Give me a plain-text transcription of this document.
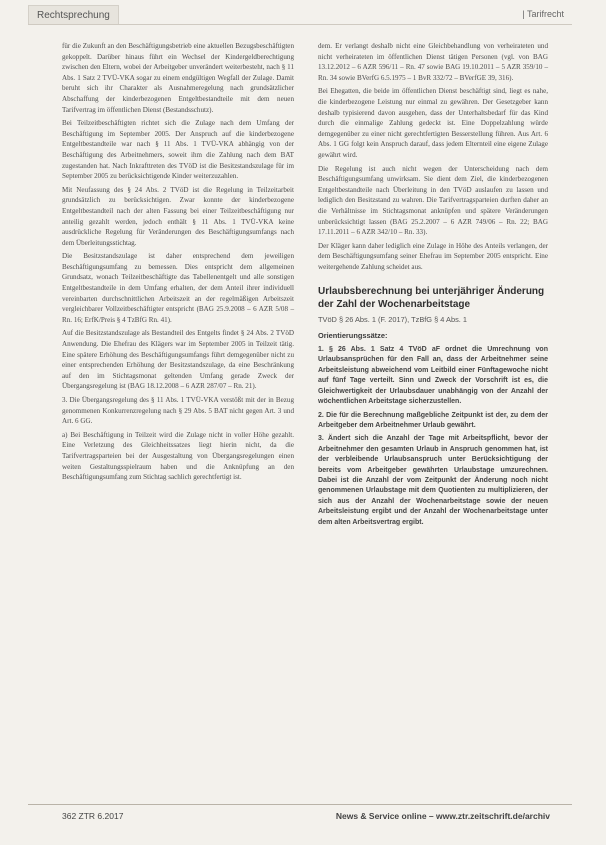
Rechtsprechung	| Tarifrecht

für die Zukunft an den Beschäftigungsbetrieb eine aktuellen Bezugsbeschäftigten gekoppelt. Darüber hinaus führt ein Wechsel der Kindergeldberechtigung zwischen den Eltern, wobei der Arbeitgeber unverändert weiterbesteht, nach § 11 Abs. 1 Satz 2 TVÜ-VKA sogar zu einem endgültigen Wegfall der Zulage. Damit beruht sich ihr Charakter als Ausnahmeregelung nach grundsätzlicher Abschaffung der kinderbezogenen Entgeltbestandteile mit dem neuen Tarifvertrag im öffentlichen Dienst (Bestandsschutz).

Bei Teilzeitbeschäftigten richtet sich die Zulage nach dem Umfang der Beschäftigung im September 2005. Der Anspruch auf die kinderbezogene Entgeltbestandteile war nach § 11 Abs. 1 TVÜ-VKA abhängig von der Beschäftigung des Arbeitnehmers, soweit ihm die Zahlung nach dem BAT zugestanden hat. Nach Inkrafttreten des TVöD ist die Besitzstandszulage für im September 2005 zu berücksichtigende Kinder weiterzuzahlen.

Mit Neufassung des § 24 Abs. 2 TVöD ist die Regelung in Teilzeitarbeit grundsätzlich zu berücksichtigen. Zwar konnte der kinderbezogene Entgeltbestandteil nach der alten Fassung bei einer Teilzeitbeschäftigung nur anteilig gezahlt werden, jedoch enthält § 11 Abs. 1 TVÜ-VKA keine ausdrückliche Regelung für Veränderungen des Beschäftigungsumfangs nach dem Überleitungsstichtag.

Die Besitzstandszulage ist daher entsprechend dem jeweiligen Beschäftigungsumfang zu bemessen. Dies entspricht dem allgemeinen Grundsatz, wonach Teilzeitbeschäftigte das Tabellenentgelt und alle sonstigen Entgeltbestandteile in dem Umfang erhalten, der dem Anteil ihrer individuell vereinbarten durchschnittlichen Arbeitszeit an der regelmäßigen Arbeitszeit vergleichbarer Vollzeitbeschäftigter entspricht (BAG 25.9.2008 – 6 AZR 5/08 – Rn. 16; ErfK/Preis § 4 TzBfG Rn. 41).

Auf die Besitzstandszulage als Bestandteil des Entgelts findet § 24 Abs. 2 TVöD Anwendung. Die Ehefrau des Klägers war im September 2005 in Teilzeit tätig. Eine spätere Erhöhung des Beschäftigungsumfangs führt demgegenüber nicht zu einer entsprechenden Erhöhung der Besitzstandszulage, da eine Beschränkung auf den im Stichtagsmonat geltenden Umfang gerade Zweck der Übergangsregelung ist (BAG 18.12.2008 – 6 AZR 287/07 – Rn. 21).

3. Die Übergangsregelung des § 11 Abs. 1 TVÜ-VKA verstößt mit der in Bezug genommenen Konkurrenzregelung nach § 29 Abs. 5 BAT nicht gegen Art. 3 und Art. 6 GG.

a) Bei Beschäftigung in Teilzeit wird die Zulage nicht in voller Höhe gezahlt. Eine Verletzung des Gleichheitssatzes liegt hierin nicht, da die Tarifvertragsparteien bei der Ausgestaltung von Übergangsregelungen einen weiten Gestaltungsspielraum haben und die Anknüpfung an den Beschäftigungsumfang zum Stichtag sachlich gerechtfertigt ist.

dem. Er verlangt deshalb nicht eine Gleichbehandlung von verheirateten und nicht verheirateten im öffentlichen Dienst tätigen Personen (vgl. von BAG 13.12.2012 – 6 AZR 596/11 – Rn. 47 sowie BAG 19.10.2011 – 5 AZR 359/10 – Rn. 34 sowie BVerfG 6.5.1975 – 1 BvR 332/72 – BVerfGE 39, 316).

Bei Ehegatten, die beide im öffentlichen Dienst beschäftigt sind, liegt es nahe, die kinderbezogene Leistung nur einmal zu gewähren. Der Gesetzgeber kann deshalb typisierend davon ausgehen, dass der Unterhaltsbedarf für das Kind durch die einmalige Zahlung gedeckt ist. Eine Doppelzahlung würde demgegenüber zu einer nicht gerechtfertigten Besserstellung führen. Aus Art. 6 Abs. 1 GG folgt kein Anspruch darauf, dass jedem Elternteil eine eigene Zulage gewährt wird.

Die Regelung ist auch nicht wegen der Unterscheidung nach dem Beschäftigungsumfang unwirksam. Sie dient dem Ziel, die kinderbezogenen Entgeltbestandteile nach Überleitung in den TVöD auslaufen zu lassen und lediglich den Besitzstand zu wahren. Die Tarifvertragsparteien durften daher an die Verhältnisse im Stichtagsmonat anknüpfen und spätere Veränderungen unberücksichtigt lassen (BAG 25.2.2007 – 6 AZR 749/06 – Rn. 22; BAG 17.11.2011 – 6 AZR 342/10 – Rn. 33).

Der Kläger kann daher lediglich eine Zulage in Höhe des Anteils verlangen, der dem Beschäftigungsumfang seiner Ehefrau im September 2005 entspricht. Eine weitergehende Zahlung scheidet aus.

Urlaubsberechnung bei unterjähriger Änderung der Zahl der Wochenarbeitstage
TVöD § 26 Abs. 1 (F. 2017), TzBfG § 4 Abs. 1
Orientierungssätze:

1. § 26 Abs. 1 Satz 4 TVöD aF ordnet die Umrechnung von Urlaubsansprüchen für den Fall an, dass der Arbeitnehmer seine Arbeitsleistung abweichend vom Leitbild einer Fünftagewoche nicht auf fünf Tage verteilt. Sinn und Zweck der Vorschrift ist es, die Gleichwertigkeit der Urlaubsdauer unabhängig von der Anzahl der wöchentlichen Arbeitstage sicherzustellen.

2. Die für die Berechnung maßgebliche Zeitpunkt ist der, zu dem der Arbeitgeber dem Arbeitnehmer Urlaub gewährt.

3. Ändert sich die Anzahl der Tage mit Arbeitspflicht, bevor der Arbeitnehmer den gesamten Urlaub in Anspruch genommen hat, ist der verbleibende Urlaubsanspruch unter Berücksichtigung der bereits vom Arbeitgeber gewährten Urlaubstage umzurechnen. Dabei ist die Anzahl der vom Zeitpunkt der Änderung noch nicht genommenen Urlaubstage mit dem Quotienten zu multiplizieren, der sich aus der Anzahl der Wochenarbeitstage sowie der neuen Arbeitsleistung ergibt und der Anzahl der Wochenarbeitstage unter dem alten Arbeitsvertrag ergibt.

362 ZTR 6.2017	News & Service online – www.ztr.zeitschrift.de/archiv
